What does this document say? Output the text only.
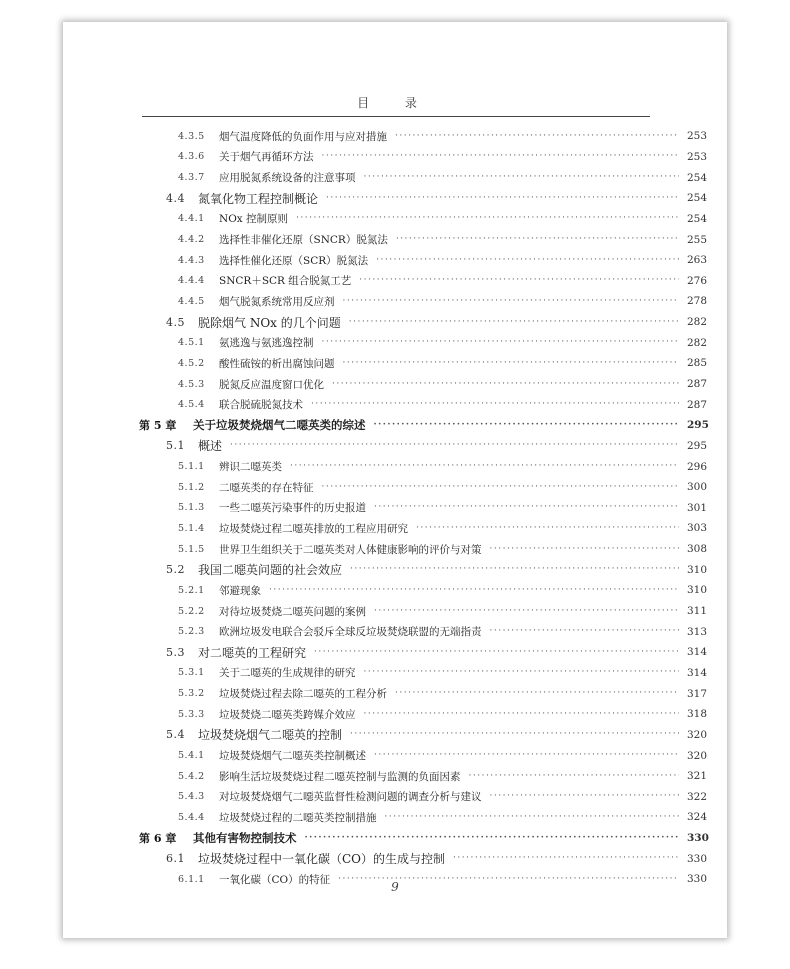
目 录
4.3.5	烟气温度降低的负面作用与应对措施 ·····	253
4.3.6	关于烟气再循环方法 ·····	253
4.3.7	应用脱氮系统设备的注意事项 ·····	254
4.4	氮氧化物工程控制概论 ·····	254
4.4.1	NOx 控制原则 ·····	254
4.4.2	选择性非催化还原（SNCR）脱氮法 ·····	255
4.4.3	选择性催化还原（SCR）脱氮法 ·····	263
4.4.4	SNCR＋SCR 组合脱氮工艺 ·····	276
4.4.5	烟气脱氮系统常用反应剂 ·····	278
4.5	脱除烟气 NOx 的几个问题 ·····	282
4.5.1	氨逃逸与氨逃逸控制 ·····	282
4.5.2	酸性硫铵的析出腐蚀问题 ·····	285
4.5.3	脱氮反应温度窗口优化 ·····	287
4.5.4	联合脱硫脱氮技术 ·····	287
第 5 章	关于垃圾焚烧烟气二噁英类的综述 ·····	295
5.1	概述 ·····	295
5.1.1	辨识二噁英类 ·····	296
5.1.2	二噁英类的存在特征 ·····	300
5.1.3	一些二噁英污染事件的历史报道 ·····	301
5.1.4	垃圾焚烧过程二噁英排放的工程应用研究 ·····	303
5.1.5	世界卫生组织关于二噁英类对人体健康影响的评价与对策 ·····	308
5.2	我国二噁英问题的社会效应 ·····	310
5.2.1	邻避现象 ·····	310
5.2.2	对待垃圾焚烧二噁英问题的案例 ·····	311
5.2.3	欧洲垃圾发电联合会驳斥全球反垃圾焚烧联盟的无端指责 ·····	313
5.3	对二噁英的工程研究 ·····	314
5.3.1	关于二噁英的生成规律的研究 ·····	314
5.3.2	垃圾焚烧过程去除二噁英的工程分析 ·····	317
5.3.3	垃圾焚烧二噁英类跨媒介效应 ·····	318
5.4	垃圾焚烧烟气二噁英的控制 ·····	320
5.4.1	垃圾焚烧烟气二噁英类控制概述 ·····	320
5.4.2	影响生活垃圾焚烧过程二噁英控制与监测的负面因素 ·····	321
5.4.3	对垃圾焚烧烟气二噁英监督性检测问题的调查分析与建议 ·····	322
5.4.4	垃圾焚烧过程的二噁英类控制措施 ·····	324
第 6 章	其他有害物控制技术 ·····	330
6.1	垃圾焚烧过程中一氧化碳（CO）的生成与控制 ·····	330
6.1.1	一氧化碳（CO）的特征 ·····	330
9
